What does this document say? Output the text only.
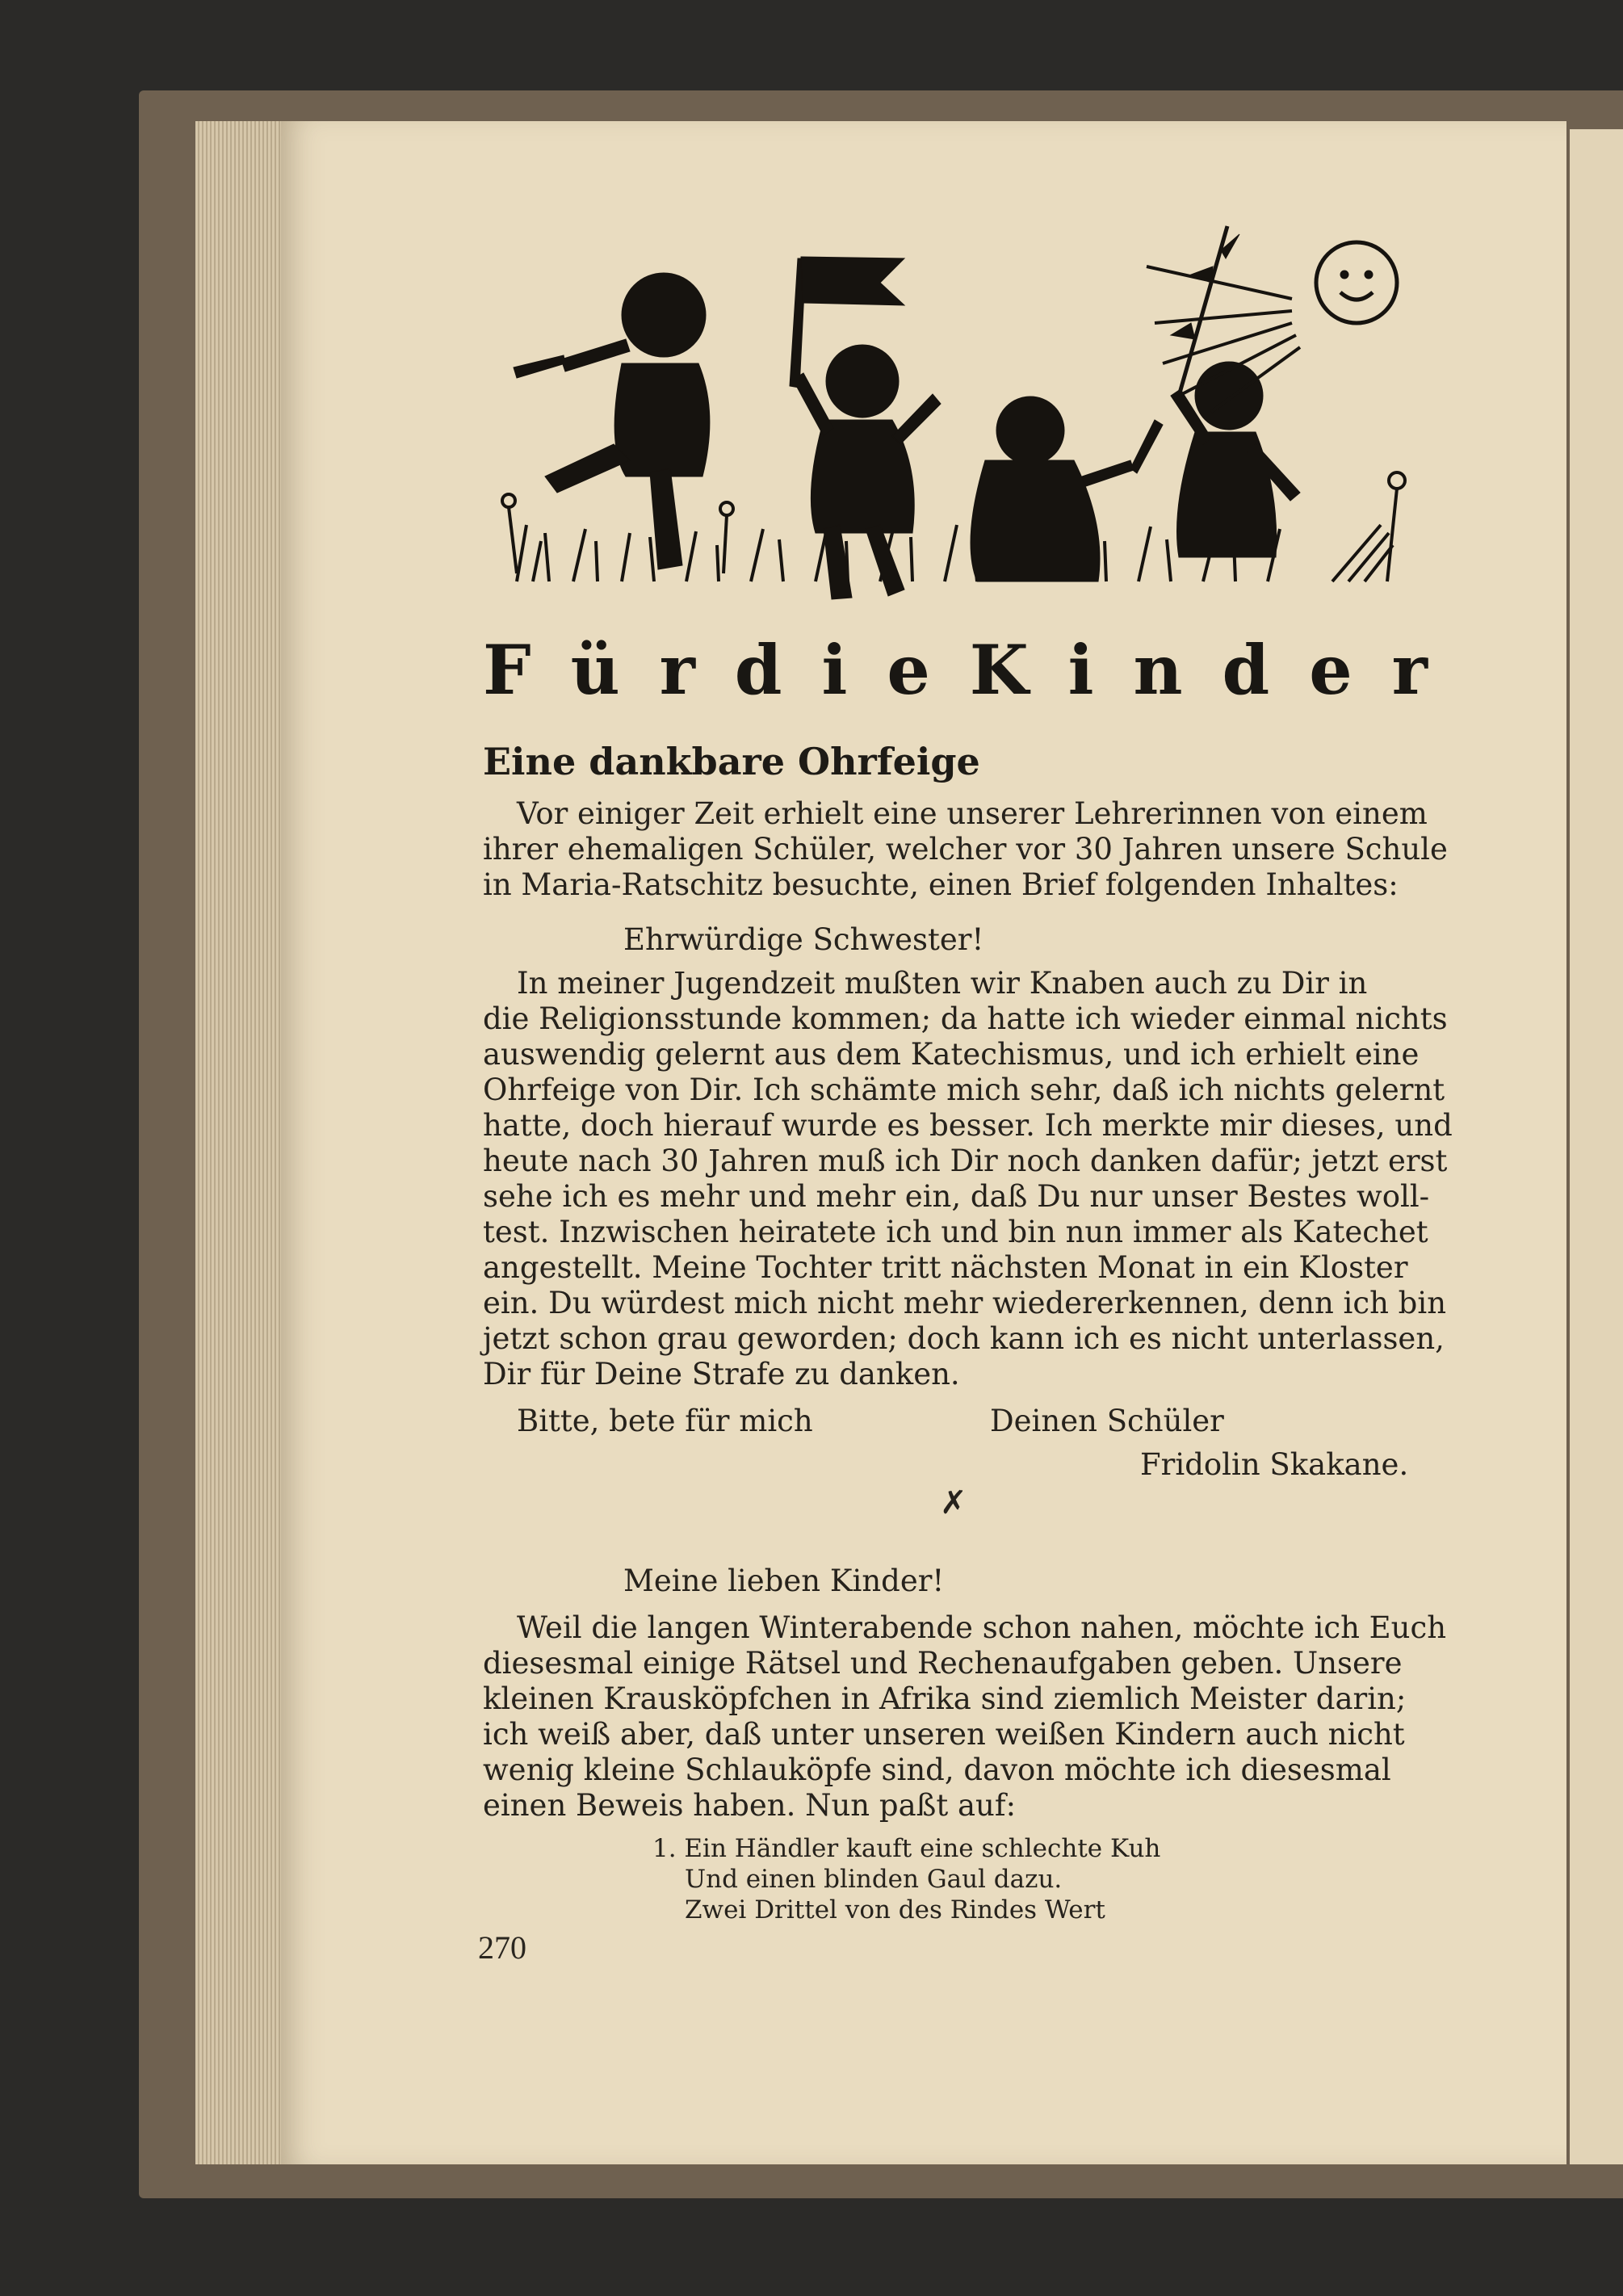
F ü r d i e K i n d e r
Eine dankbare Ohrfeige
Vor einiger Zeit erhielt eine unserer Lehrerinnen von einem
ihrer ehemaligen Schüler, welcher vor 30 Jahren unsere Schule
in Maria-Ratschitz besuchte, einen Brief folgenden Inhaltes:
Ehrwürdige Schwester!
In meiner Jugendzeit mußten wir Knaben auch zu Dir in
die Religionsstunde kommen; da hatte ich wieder einmal nichts
auswendig gelernt aus dem Katechismus, und ich erhielt eine
Ohrfeige von Dir. Ich schämte mich sehr, daß ich nichts gelernt
hatte, doch hierauf wurde es besser. Ich merkte mir dieses, und
heute nach 30 Jahren muß ich Dir noch danken dafür; jetzt erst
sehe ich es mehr und mehr ein, daß Du nur unser Bestes woll-
test. Inzwischen heiratete ich und bin nun immer als Katechet
angestellt. Meine Tochter tritt nächsten Monat in ein Kloster
ein. Du würdest mich nicht mehr wiedererkennen, denn ich bin
jetzt schon grau geworden; doch kann ich es nicht unterlassen,
Dir für Deine Strafe zu danken.
Bitte, bete für mich	Deinen Schüler
Fridolin Skakane.
✗
Meine lieben Kinder!
Weil die langen Winterabende schon nahen, möchte ich Euch
diesesmal einige Rätsel und Rechenaufgaben geben. Unsere
kleinen Krausköpfchen in Afrika sind ziemlich Meister darin;
ich weiß aber, daß unter unseren weißen Kindern auch nicht
wenig kleine Schlauköpfe sind, davon möchte ich diesesmal
einen Beweis haben. Nun paßt auf:
1. Ein Händler kauft eine schlechte Kuh
Und einen blinden Gaul dazu.
Zwei Drittel von des Rindes Wert
270
